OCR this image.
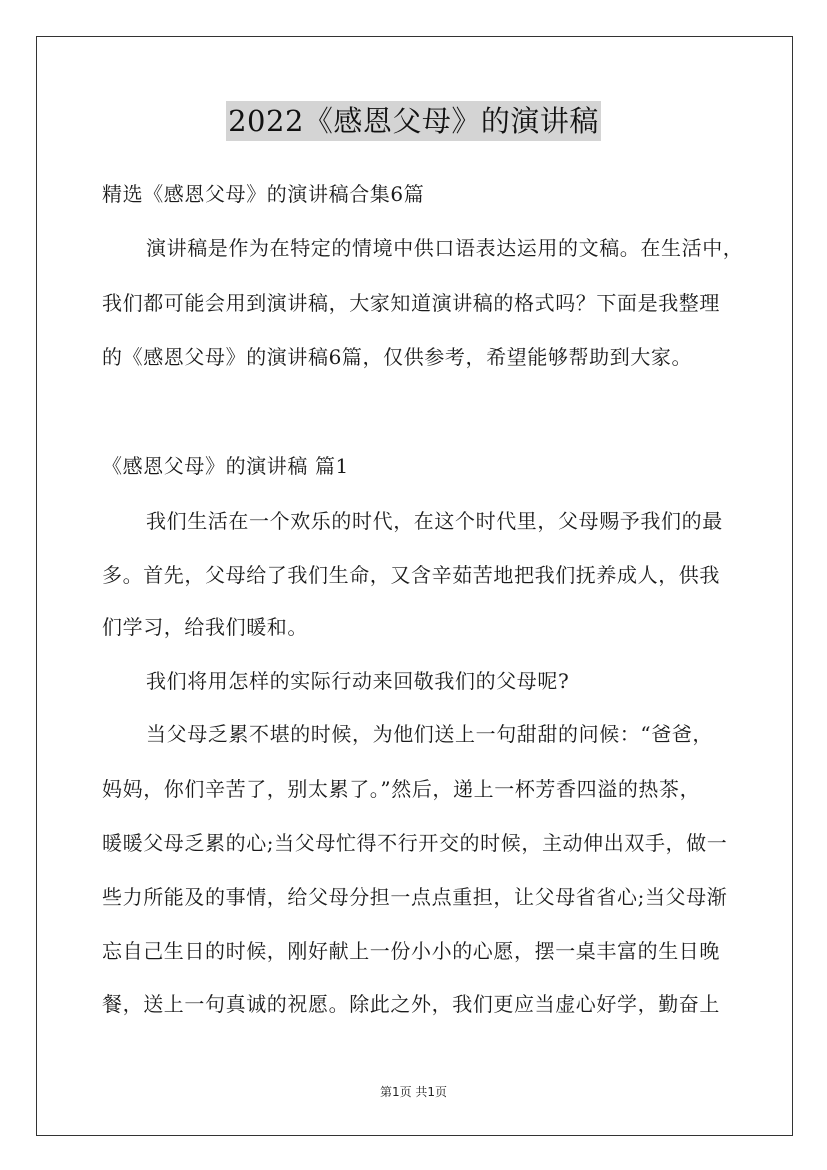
2022《感恩父母》的演讲稿
精选《感恩父母》的演讲稿合集6篇
演讲稿是作为在特定的情境中供口语表达运用的文稿。在生活中，
我们都可能会用到演讲稿，大家知道演讲稿的格式吗？下面是我整理
的《感恩父母》的演讲稿6篇，仅供参考，希望能够帮助到大家。
《感恩父母》的演讲稿 篇1
我们生活在一个欢乐的时代，在这个时代里，父母赐予我们的最
多。首先，父母给了我们生命，又含辛茹苦地把我们抚养成人，供我
们学习，给我们暖和。
我们将用怎样的实际行动来回敬我们的父母呢?
当父母乏累不堪的时候，为他们送上一句甜甜的问候：“爸爸，
妈妈，你们辛苦了，别太累了。”然后，递上一杯芳香四溢的热茶，
暖暖父母乏累的心;当父母忙得不行开交的时候，主动伸出双手，做一
些力所能及的事情，给父母分担一点点重担，让父母省省心;当父母渐
忘自己生日的时候，刚好献上一份小小的心愿，摆一桌丰富的生日晚
餐，送上一句真诚的祝愿。除此之外，我们更应当虚心好学，勤奋上
第1页 共1页
